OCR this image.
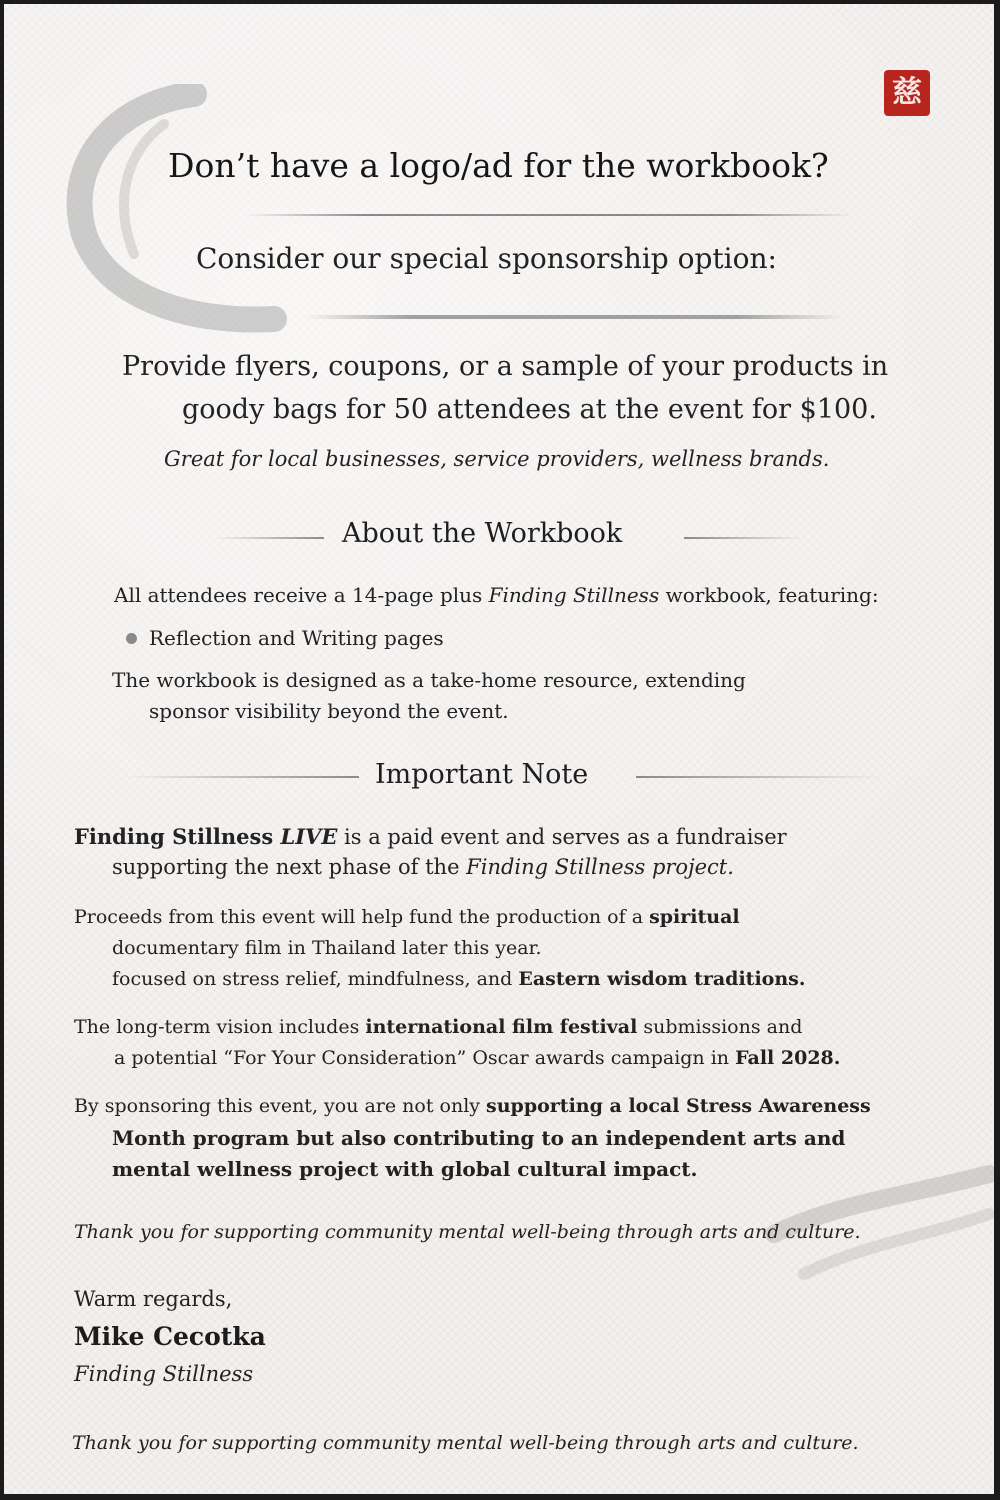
慈
Don’t have a logo/ad for the workbook?
Consider our special sponsorship option:
Provide flyers, coupons, or a sample of your products in
goody bags for 50 attendees at the event for $100.
Great for local businesses, service providers, wellness brands.
About the Workbook
All attendees receive a 14-page plus Finding Stillness workbook, featuring:
Reflection and Writing pages
The workbook is designed as a take-home resource, extending
sponsor visibility beyond the event.
Important Note
Finding Stillness LIVE is a paid event and serves as a fundraiser
supporting the next phase of the Finding Stillness project.
Proceeds from this event will help fund the production of a spiritual
documentary film in Thailand later this year.
focused on stress relief, mindfulness, and Eastern wisdom traditions.
The long-term vision includes international film festival submissions and
a potential “For Your Consideration” Oscar awards campaign in Fall 2028.
By sponsoring this event, you are not only supporting a local Stress Awareness
Month program but also contributing to an independent arts and
mental wellness project with global cultural impact.
Thank you for supporting community mental well-being through arts and culture.
Warm regards,
Mike Cecotka
Finding Stillness
Thank you for supporting community mental well-being through arts and culture.
